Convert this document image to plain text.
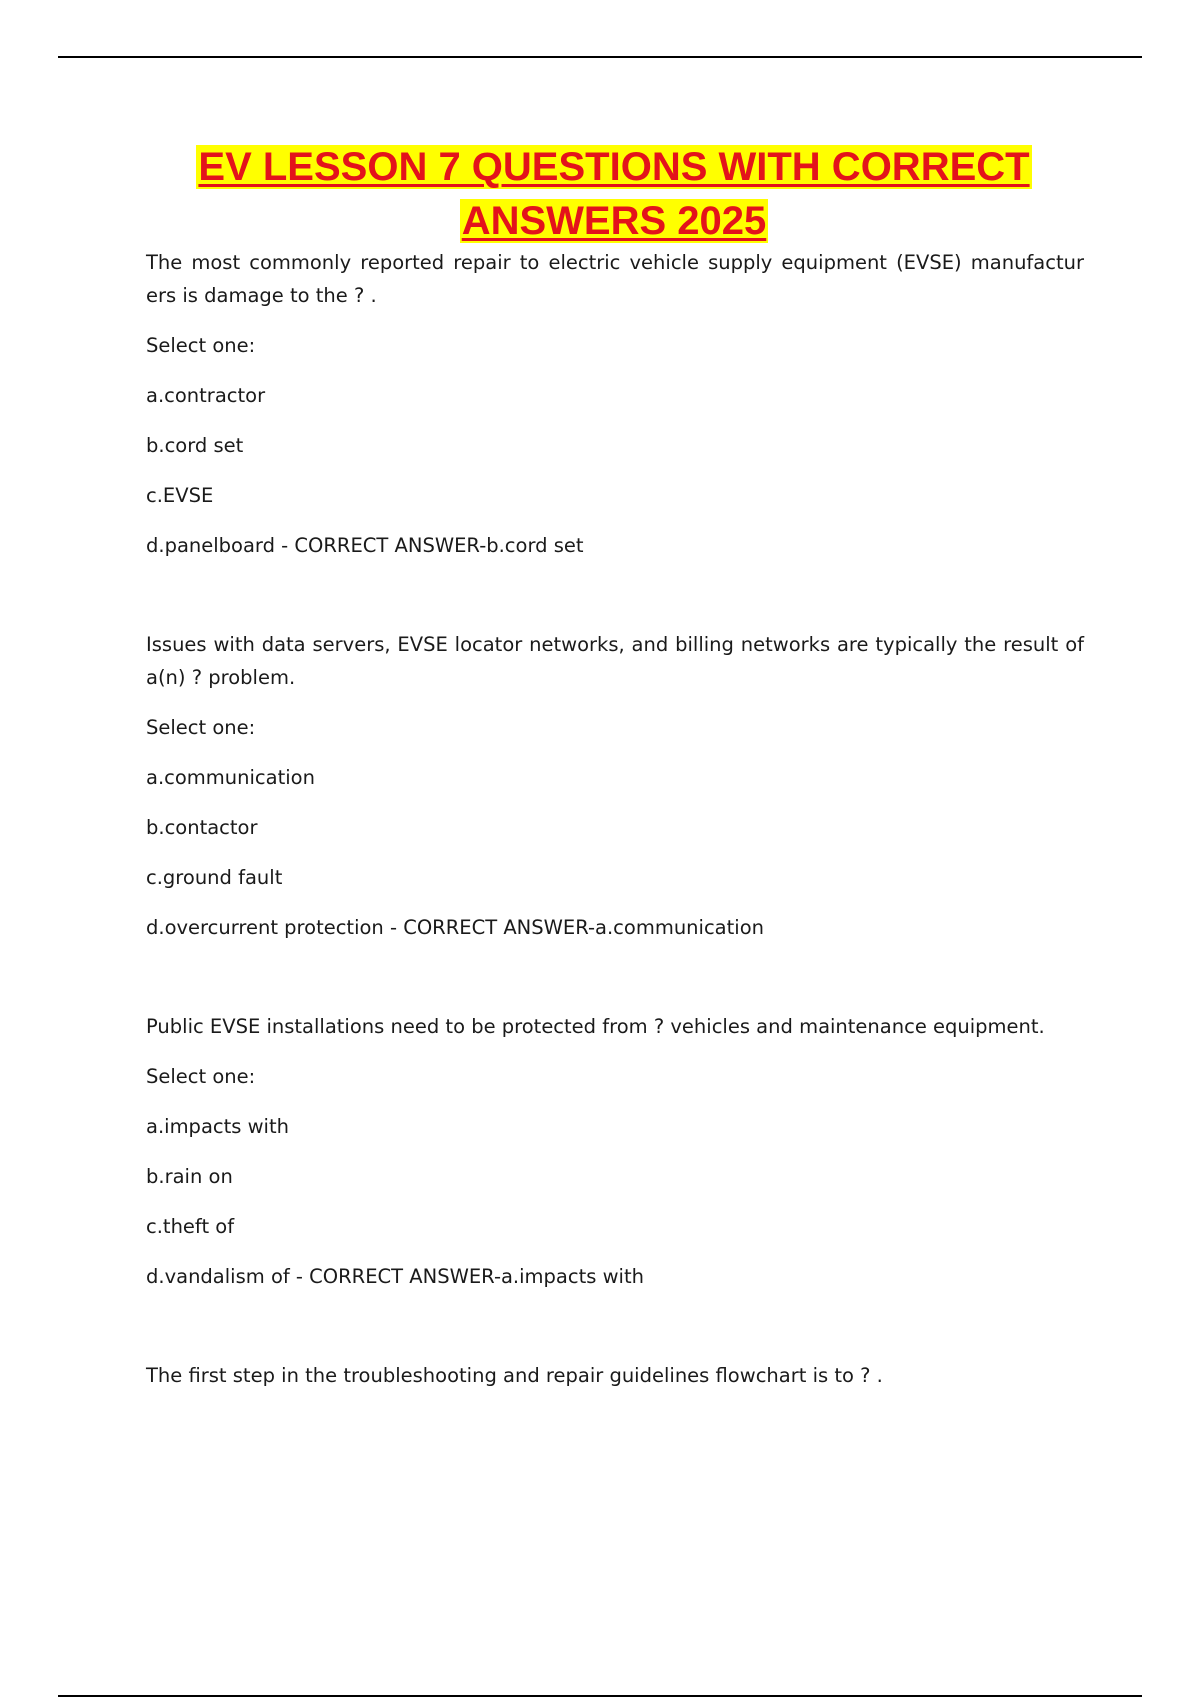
EV LESSON 7 QUESTIONS WITH CORRECT
ANSWERS 2025

The most commonly reported repair to electric vehicle supply equipment (EVSE) manufactur ers is damage to the ? .

Select one:

a.contractor

b.cord set

c.EVSE

d.panelboard - CORRECT ANSWER-b.cord set

Issues with data servers, EVSE locator networks, and billing networks are typically the result of a(n) ? problem.

Select one:

a.communication

b.contactor

c.ground fault

d.overcurrent protection - CORRECT ANSWER-a.communication

Public EVSE installations need to be protected from ? vehicles and maintenance equipment.

Select one:

a.impacts with

b.rain on

c.theft of

d.vandalism of - CORRECT ANSWER-a.impacts with

The first step in the troubleshooting and repair guidelines flowchart is to ? .
